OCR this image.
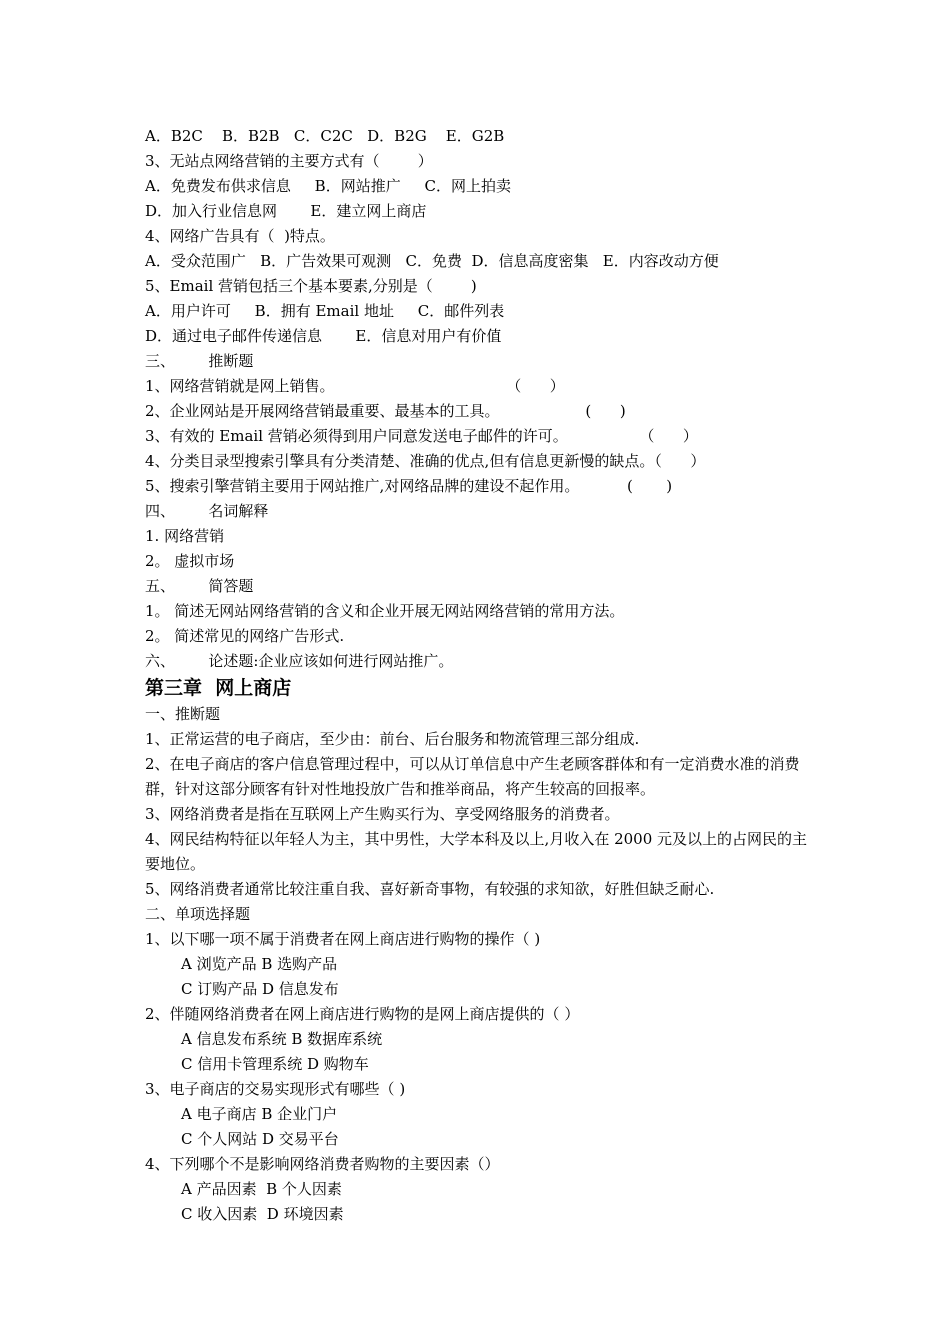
A．B2C    B．B2B   C．C2C   D．B2G    E．G2B
3、无站点网络营销的主要方式有（        ）
A．免费发布供求信息     B．网站推广     C．网上拍卖
D．加入行业信息网       E．建立网上商店
4、网络广告具有（  )特点。
A．受众范围广   B．广告效果可观测   C．免费  D．信息高度密集   E．内容改动方便
5、Email 营销包括三个基本要素,分别是（        )
A．用户许可     B．拥有 Email 地址     C．邮件列表
D．通过电子邮件传递信息       E．信息对用户有价值
三、       推断题
1、网络营销就是网上销售。                                    （      ）
2、企业网站是开展网络营销最重要、最基本的工具。                  (      )
3、有效的 Email 营销必须得到用户同意发送电子邮件的许可。               （      ）
4、分类目录型搜索引擎具有分类清楚、准确的优点,但有信息更新慢的缺点。（      ）
5、搜索引擎营销主要用于网站推广,对网络品牌的建设不起作用。          (       )
四、       名词解释
1. 网络营销
2。 虚拟市场
五、       简答题
1。 简述无网站网络营销的含义和企业开展无网站网络营销的常用方法。
2。 简述常见的网络广告形式.
六、       论述题:企业应该如何进行网站推广。
第三章  网上商店
一、推断题
1、正常运营的电子商店，至少由：前台、后台服务和物流管理三部分组成.
2、在电子商店的客户信息管理过程中，可以从订单信息中产生老顾客群体和有一定消费水准的消费群，针对这部分顾客有针对性地投放广告和推举商品，将产生较高的回报率。
3、网络消费者是指在互联网上产生购买行为、享受网络服务的消费者。
4、网民结构特征以年轻人为主，其中男性，大学本科及以上,月收入在 2000 元及以上的占网民的主要地位。
5、网络消费者通常比较注重自我、喜好新奇事物，有较强的求知欲，好胜但缺乏耐心.
二、单项选择题
1、以下哪一项不属于消费者在网上商店进行购物的操作（ )
A 浏览产品 B 选购产品
C 订购产品 D 信息发布
2、伴随网络消费者在网上商店进行购物的是网上商店提供的（ ）
A 信息发布系统 B 数据库系统
C 信用卡管理系统 D 购物车
3、电子商店的交易实现形式有哪些（ )
A 电子商店 B 企业门户
C 个人网站 D 交易平台
4、下列哪个不是影响网络消费者购物的主要因素（）
A 产品因素  B 个人因素
C 收入因素  D 环境因素
